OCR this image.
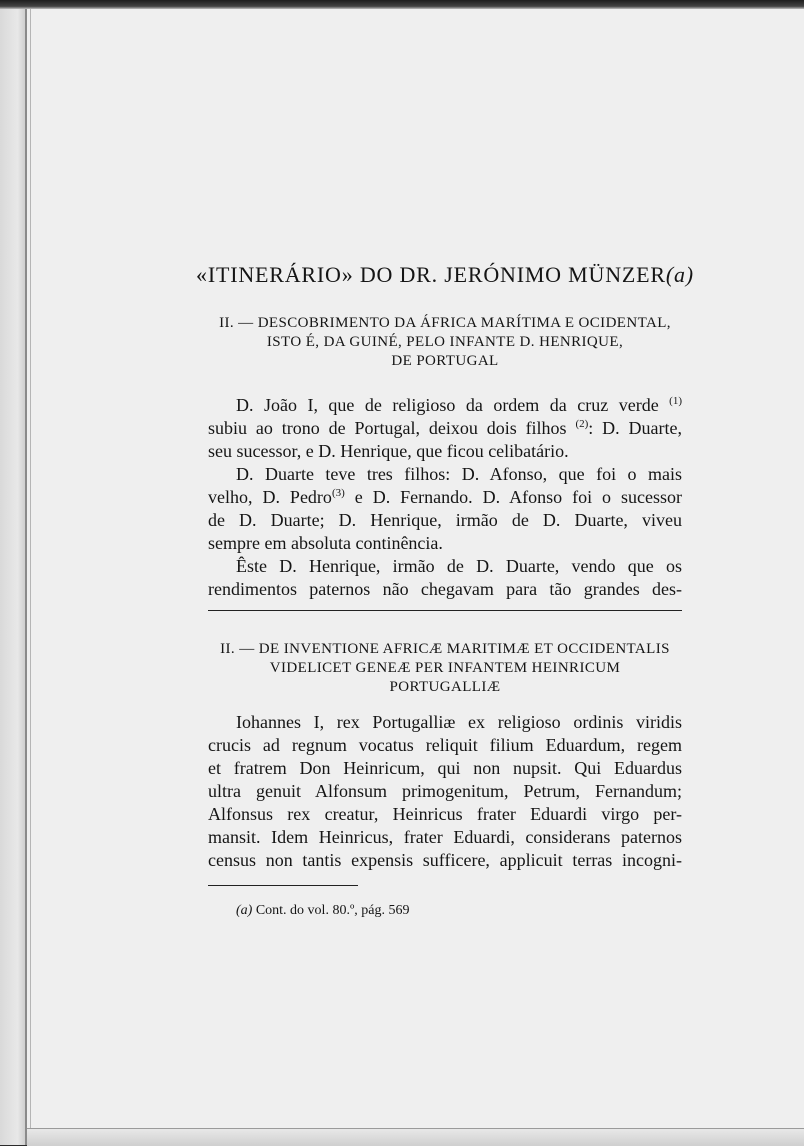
«ITINERÁRIO» DO DR. JERÓNIMO MÜNZER(a)
II. — DESCOBRIMENTO DA ÁFRICA MARÍTIMA E OCIDENTAL,
ISTO É, DA GUINÉ, PELO INFANTE D. HENRIQUE,
DE PORTUGAL
D. João I, que de religioso da ordem da cruz verde $^{(1)}$
subiu ao trono de Portugal, deixou dois filhos $^{(2)}$: D. Duarte,
seu sucessor, e D. Henrique, que ficou celibatário.
D. Duarte teve tres filhos: D. Afonso, que foi o mais
velho, D. Pedro$^{(3)}$ e D. Fernando. D. Afonso foi o sucessor
de D. Duarte; D. Henrique, irmão de D. Duarte, viveu
sempre em absoluta continência.
Êste D. Henrique, irmão de D. Duarte, vendo que os
rendimentos paternos não chegavam para tão grandes des-
II. — DE INVENTIONE AFRICÆ MARITIMÆ ET OCCIDENTALIS
VIDELICET GENEÆ PER INFANTEM HEINRICUM
PORTUGALLIÆ
Iohannes I, rex Portugalliæ ex religioso ordinis viridis
crucis ad regnum vocatus reliquit filium Eduardum, regem
et fratrem Don Heinricum, qui non nupsit. Qui Eduardus
ultra genuit Alfonsum primogenitum, Petrum, Fernandum;
Alfonsus rex creatur, Heinricus frater Eduardi virgo per-
mansit. Idem Heinricus, frater Eduardi, considerans paternos
census non tantis expensis sufficere, applicuit terras incogni-

(a) Cont. do vol. 80.º, pág. 569
